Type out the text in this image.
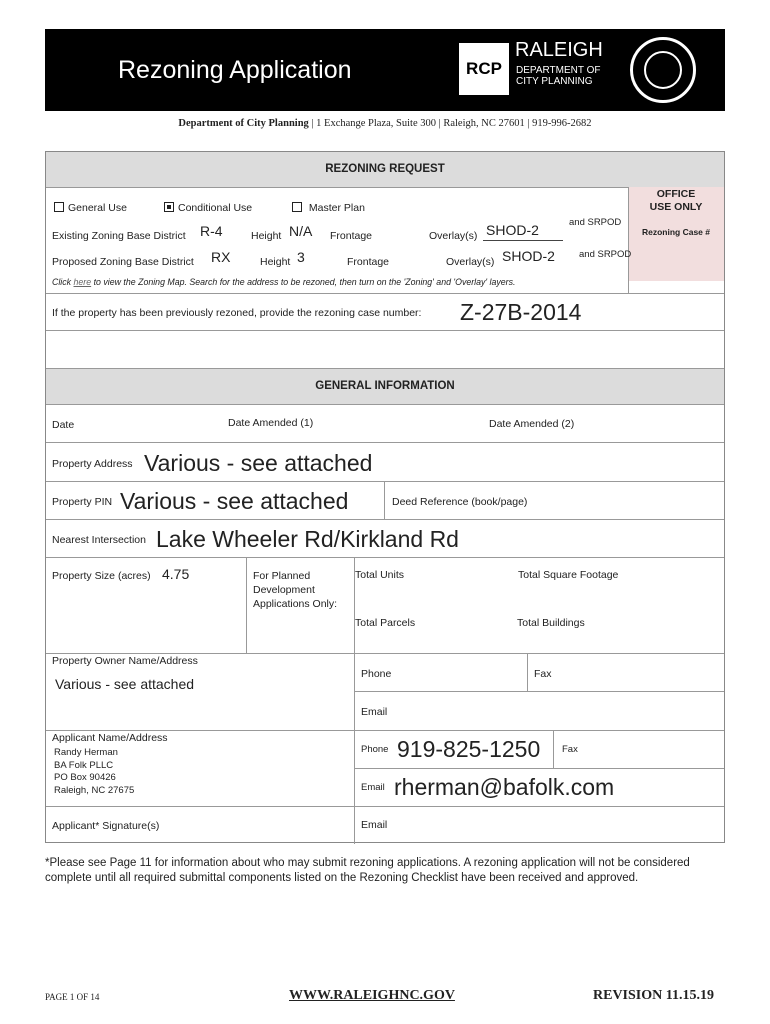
Rezoning Application	RCP
RALEIGH
DEPARTMENT OF
CITY PLANNING
Department of City Planning | 1 Exchange Plaza, Suite 300 | Raleigh, NC 27601 | 919-996-2682
REZONING REQUEST
OFFICE
USE ONLY
Rezoning Case #
General Use	Conditional Use	Master Plan
Existing Zoning Base District R-4	Height N/A Frontage	Overlay(s) SHOD-2	and SRPOD
Proposed Zoning Base District RX	Height 3	Frontage	Overlay(s) SHOD-2	and SRPOD
Click here to view the Zoning Map. Search for the address to be rezoned, then turn on the 'Zoning' and 'Overlay' layers.
If the property has been previously rezoned, provide the rezoning case number: Z-27B-2014
GENERAL INFORMATION
Date	Date Amended (1)	Date Amended (2)
Property Address Various - see attached
Property PIN Various - see attached	Deed Reference (book/page)
Nearest Intersection Lake Wheeler Rd/Kirkland Rd
Property Size (acres) 4.75	For Planned
Development
Applications Only:
Total Units	Total Square Footage
Total Parcels	Total Buildings
Property Owner Name/Address
Various - see attached
Phone	Fax
Email
Applicant Name/Address
Randy Herman
BA Folk PLLC
PO Box 90426
Raleigh, NC 27675
Phone 919-825-1250 Fax
Email rherman@bafolk.com
Applicant* Signature(s)	Email
*Please see Page 11 for information about who may submit rezoning applications. A rezoning application will not be considered complete until all required submittal components listed on the Rezoning Checklist have been received and approved.
PAGE 1 OF 14	WWW.RALEIGHNC.GOV	REVISION 11.15.19
